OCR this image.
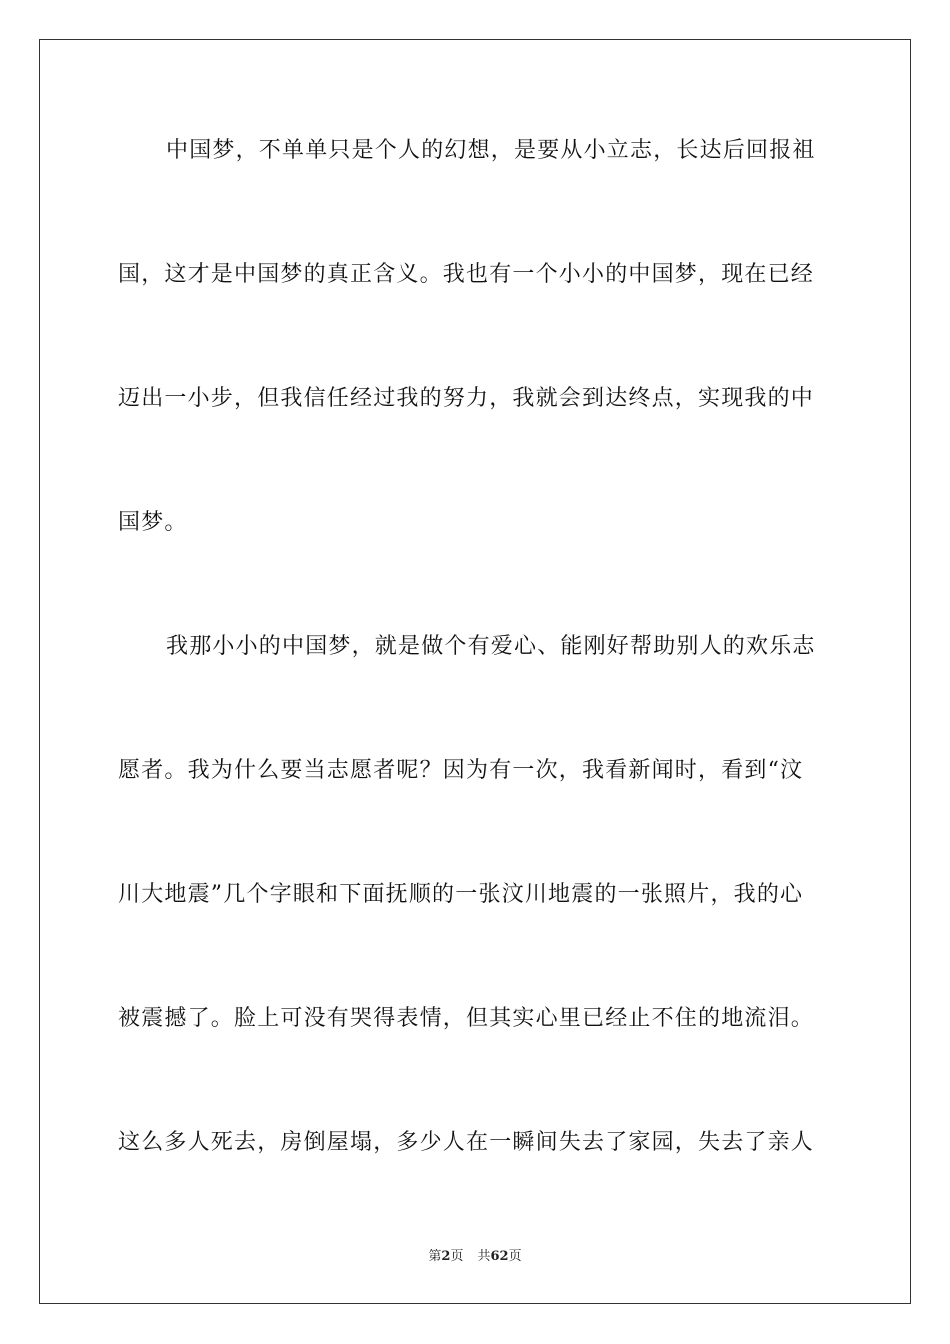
中国梦，不单单只是个人的幻想，是要从小立志，长达后回报祖
国，这才是中国梦的真正含义。我也有一个小小的中国梦，现在已经
迈出一小步，但我信任经过我的努力，我就会到达终点，实现我的中
国梦。
我那小小的中国梦，就是做个有爱心、能刚好帮助别人的欢乐志
愿者。我为什么要当志愿者呢？因为有一次，我看新闻时，看到“汶
川大地震”几个字眼和下面抚顺的一张汶川地震的一张照片，我的心
被震撼了。脸上可没有哭得表情，但其实心里已经止不住的地流泪。
这么多人死去，房倒屋塌，多少人在一瞬间失去了家园，失去了亲人
第2页 共62页
